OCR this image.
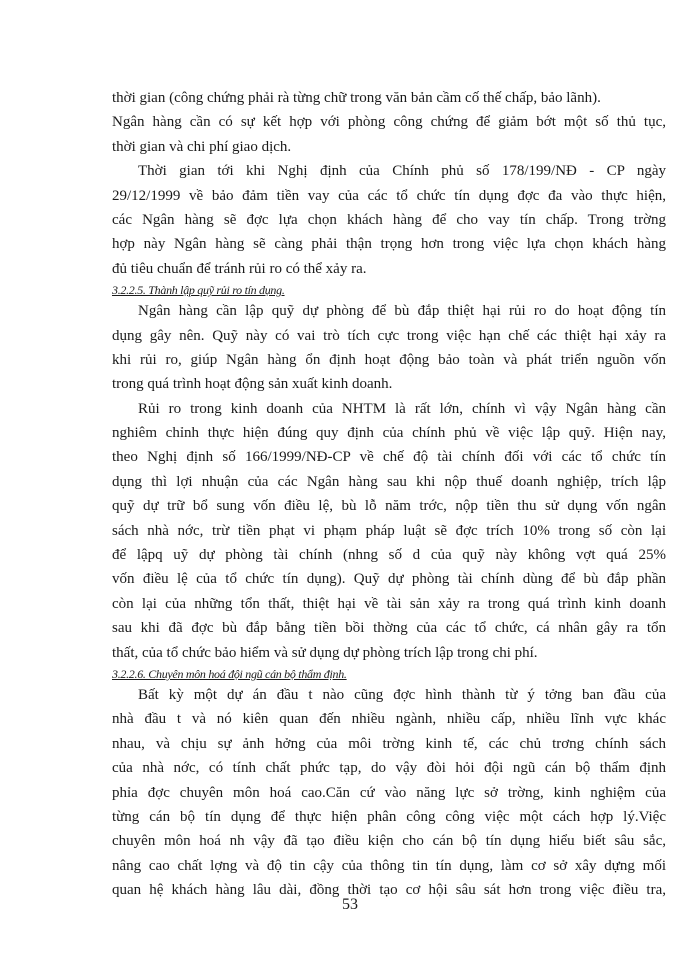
thời gian (công chứng phải rà từng chữ trong văn bản cầm cố thế chấp, bảo lãnh).
Ngân hàng cần có sự kết hợp với phòng công chứng để giảm bớt một số thủ tục,
thời gian và chi phí giao dịch.
Thời gian tới khi Nghị định của Chính phủ số 178/199/NĐ - CP ngày
29/12/1999 về bảo đảm tiền vay của các tổ chức tín dụng đợc đa vào thực hiện,
các Ngân hàng sẽ đợc lựa chọn khách hàng để cho vay tín chấp. Trong trờng
hợp này Ngân hàng sẽ càng phải thận trọng hơn trong việc lựa chọn khách hàng
đủ tiêu chuẩn để tránh rủi ro có thể xảy ra.
3.2.2.5. Thành lập quỹ rủi ro tín dụng.
Ngân hàng cần lập quỹ dự phòng để bù đắp thiệt hại rủi ro do hoạt động tín
dụng gây nên. Quỹ này có vai trò tích cực trong việc hạn chế các thiệt hại xảy ra
khi rủi ro, giúp Ngân hàng ổn định hoạt động bảo toàn và phát triển nguồn vốn
trong quá trình hoạt động sản xuất kinh doanh.
Rủi ro trong kinh doanh của NHTM là rất lớn, chính vì vậy Ngân hàng cần
nghiêm chỉnh thực hiện đúng quy định của chính phủ về việc lập quỹ. Hiện nay,
theo Nghị định số 166/1999/NĐ-CP về chế độ tài chính đối với các tổ chức tín
dụng thì lợi nhuận của các Ngân hàng sau khi nộp thuế doanh nghiệp, trích lập
quỹ dự trữ bổ sung vốn điều lệ, bù lỗ năm trớc, nộp tiền thu sử dụng vốn ngân
sách nhà nớc, trừ tiền phạt vi phạm pháp luật sẽ đợc trích 10% trong số còn lại
để lậpq uỹ dự phòng tài chính (nhng số d của quỹ này không vợt quá 25%
vốn điều lệ của tổ chức tín dụng). Quỹ dự phòng tài chính dùng để bù đắp phần
còn lại của những tổn thất, thiệt hại về tài sản xảy ra trong quá trình kinh doanh
sau khi đã đợc bù đắp bằng tiền bồi thờng của các tổ chức, cá nhân gây ra tổn
thất, của tổ chức bảo hiểm và sử dụng dự phòng trích lập trong chi phí.
3.2.2.6. Chuyên môn hoá đội ngũ cán bộ thẩm định.
Bất kỳ một dự án đầu t nào cũng đợc hình thành từ ý tởng ban đầu của
nhà đầu t và nó kiên quan đến nhiều ngành, nhiều cấp, nhiều lĩnh vực khác
nhau, và chịu sự ảnh hởng của môi trờng kinh tế, các chủ trơng chính sách
của nhà nớc, có tính chất phức tạp, do vậy đòi hỏi đội ngũ cán bộ thẩm định
phỉa đợc chuyên môn hoá cao.Căn cứ vào năng lực sở trờng, kinh nghiệm của
từng cán bộ tín dụng để thực hiện phân công công việc một cách hợp lý.Việc
chuyên môn hoá nh vậy đã tạo điều kiện cho cán bộ tín dụng hiểu biết sâu sắc,
nâng cao chất lợng và độ tin cậy của thông tin tín dụng, làm cơ sở xây dựng mối
quan hệ khách hàng lâu dài, đồng thời tạo cơ hội sâu sát hơn trong việc điều tra,
53
